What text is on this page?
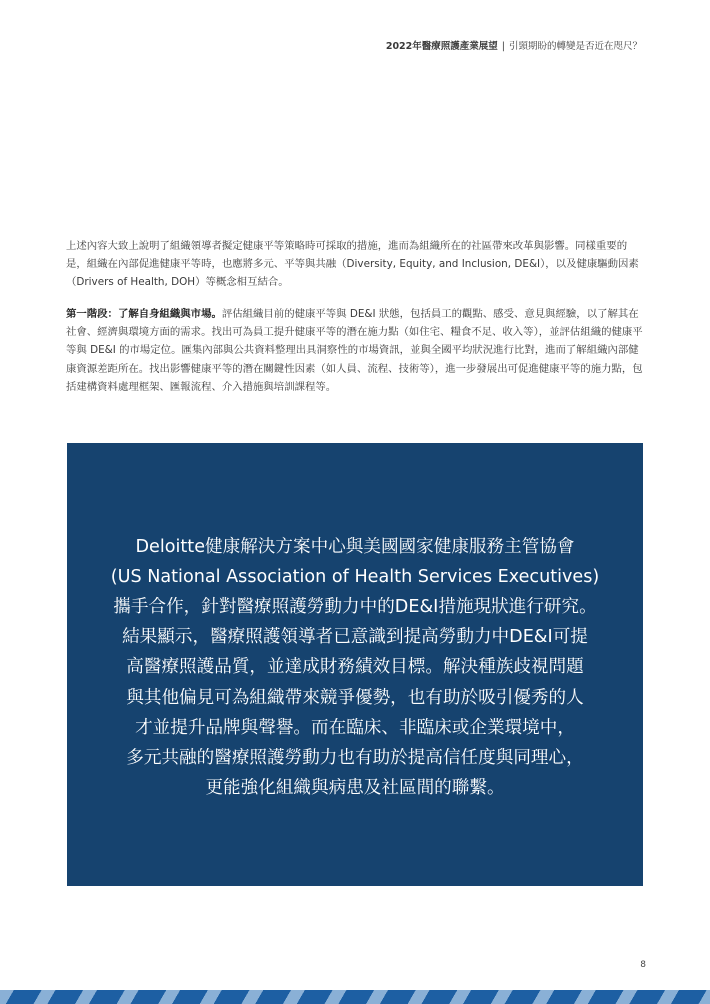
2022年醫療照護產業展望 | 引頸期盼的轉變是否近在咫尺？

上述內容大致上說明了組織領導者擬定健康平等策略時可採取的措施，進而為組織所在的社區帶來改革與影響。同樣重要的是，組織在內部促進健康平等時，也應將多元、平等與共融（Diversity, Equity, and Inclusion, DE&I），以及健康驅動因素（Drivers of Health, DOH）等概念相互結合。

第一階段：了解自身組織與市場。評估組織目前的健康平等與 DE&I 狀態，包括員工的觀點、感受、意見與經驗，以了解其在社會、經濟與環境方面的需求。找出可為員工提升健康平等的潛在施力點（如住宅、糧食不足、收入等），並評估組織的健康平等與 DE&I 的市場定位。匯集內部與公共資料整理出具洞察性的市場資訊，並與全國平均狀況進行比對，進而了解組織內部健康資源差距所在。找出影響健康平等的潛在關鍵性因素（如人員、流程、技術等），進一步發展出可促進健康平等的施力點，包括建構資料處理框架、匯報流程、介入措施與培訓課程等。

Deloitte健康解決方案中心與美國國家健康服務主管協會
(US National Association of Health Services Executives)
攜手合作，針對醫療照護勞動力中的DE&I措施現狀進行研究。
結果顯示，醫療照護領導者已意識到提高勞動力中DE&I可提
高醫療照護品質，並達成財務績效目標。解決種族歧視問題
與其他偏見可為組織帶來競爭優勢，也有助於吸引優秀的人
才並提升品牌與聲譽。而在臨床、非臨床或企業環境中，
多元共融的醫療照護勞動力也有助於提高信任度與同理心，
更能強化組織與病患及社區間的聯繫。
8
